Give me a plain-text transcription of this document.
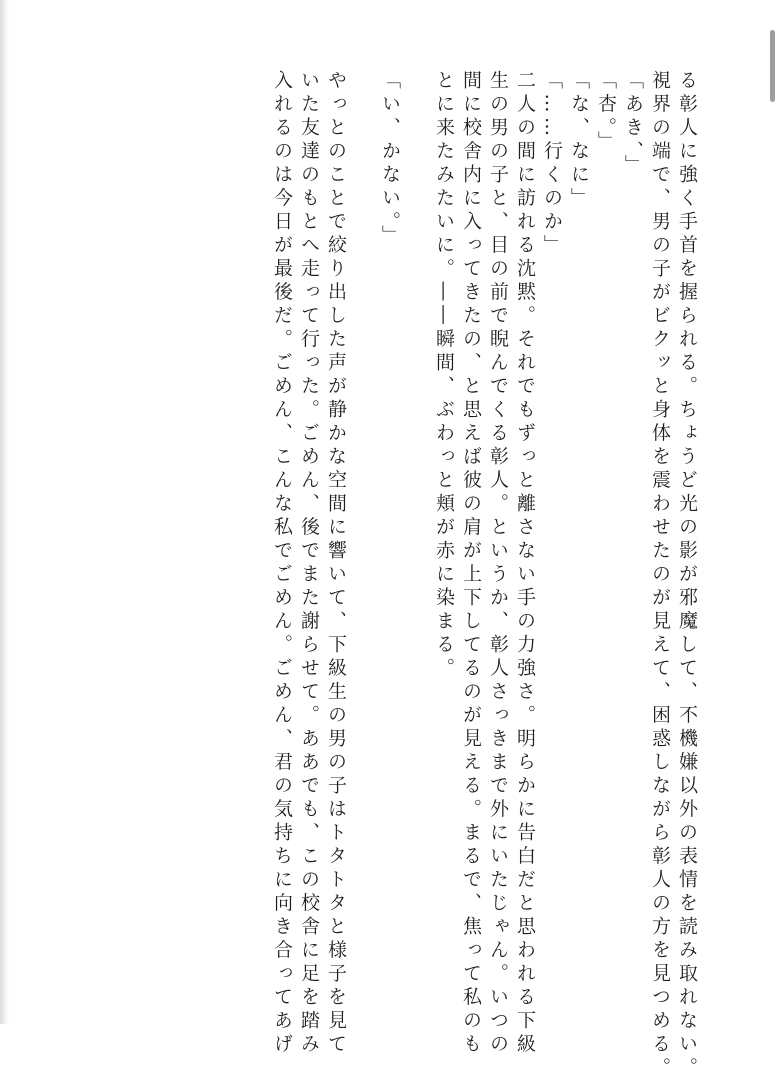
る彰人に強く手首を握られる。ちょうど光の影が邪魔して、不機嫌以外の表情を読み取れない。

視界の端で、男の子がビクッと身体を震わせたのが見えて、困惑しながら彰人の方を見つめる。

「あき、」

「杏。」

「な、なに」

「……行くのか」

二人の間に訪れる沈黙。それでもずっと離さない手の力強さ。明らかに告白だと思われる下級

生の男の子と、目の前で睨んでくる彰人。というか、彰人さっきまで外にいたじゃん。いつの

間に校舎内に入ってきたの、と思えば彼の肩が上下してるのが見える。まるで、焦って私のも

とに来たみたいに。――瞬間、ぶわっと頬が赤に染まる。

「い、かない。」

やっとのことで絞り出した声が静かな空間に響いて、下級生の男の子はトタトタと様子を見て

いた友達のもとへ走って行った。ごめん、後でまた謝らせて。ああでも、この校舎に足を踏み

入れるのは今日が最後だ。ごめん、こんな私でごめん。ごめん、君の気持ちに向き合ってあげ
